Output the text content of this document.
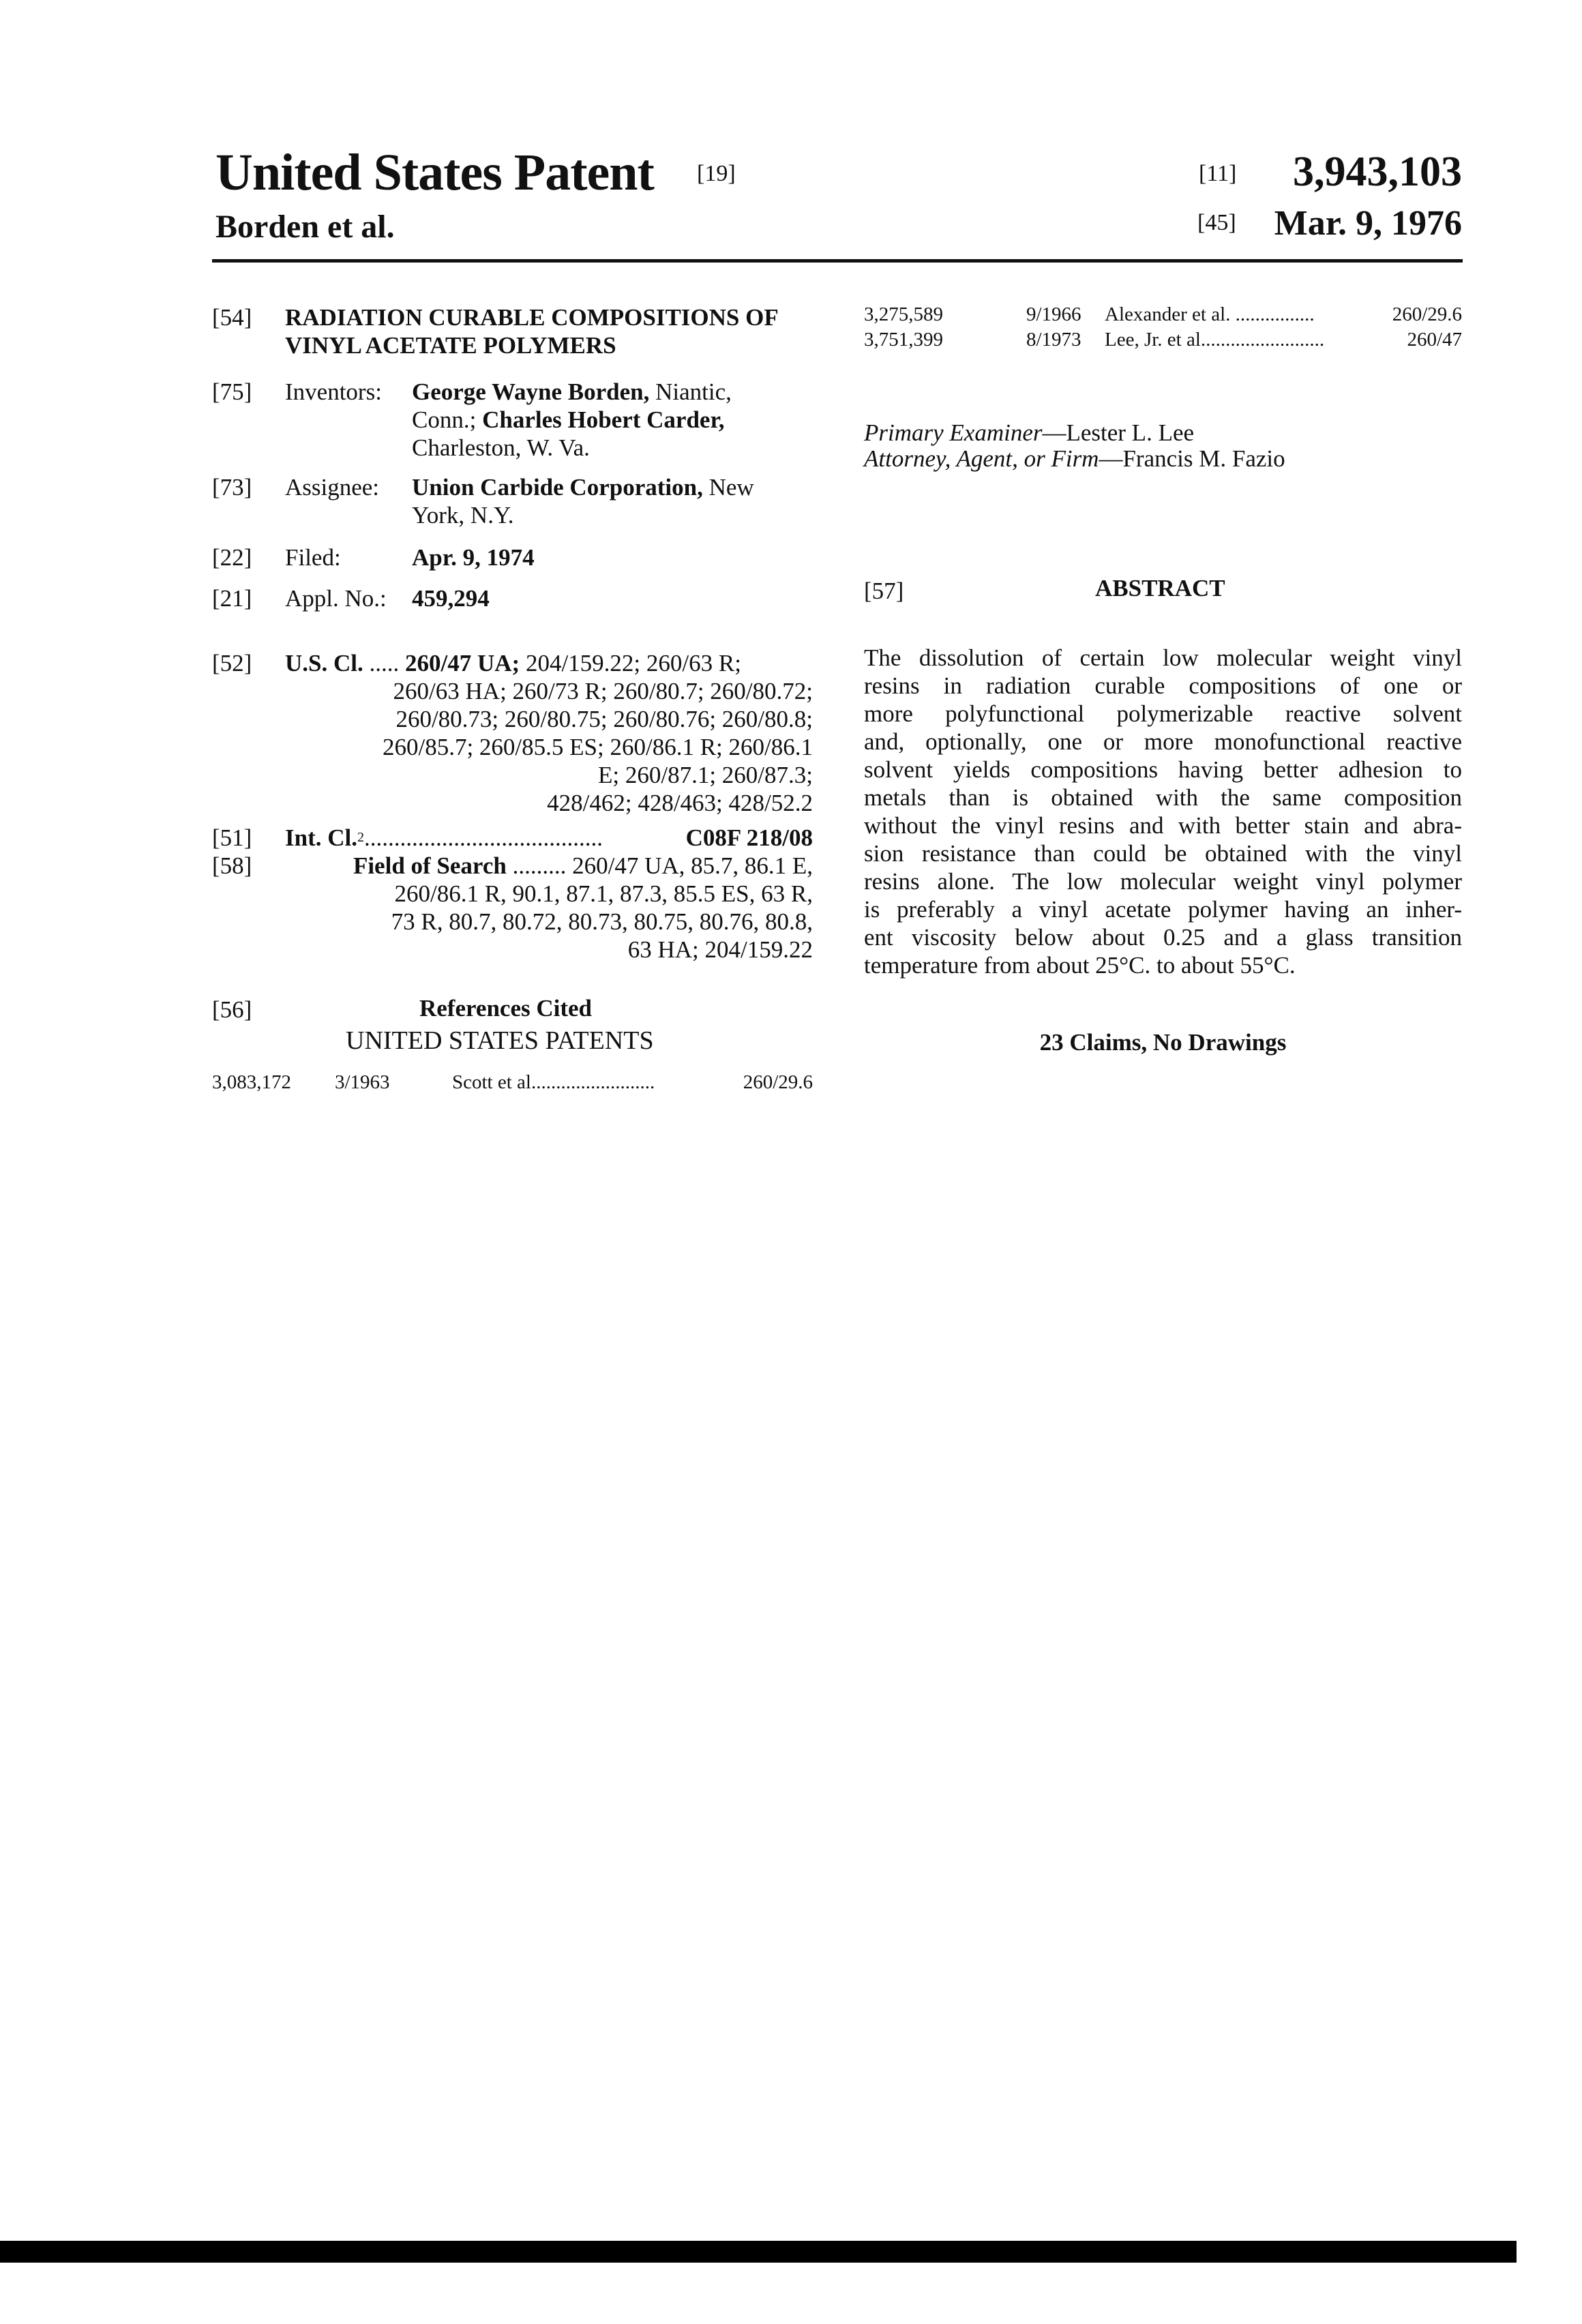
United States Patent [19]
Borden et al.
[11] 3,943,103
[45] Mar. 9, 1976
[54] RADIATION CURABLE COMPOSITIONS OF
VINYL ACETATE POLYMERS
[75] Inventors: George Wayne Borden, Niantic,
Conn.; Charles Hobert Carder,
Charleston, W. Va.
[73] Assignee: Union Carbide Corporation, New
York, N.Y.
[22] Filed:	Apr. 9, 1974
[21] Appl. No.: 459,294
[52] U.S. Cl. ..... 260/47 UA; 204/159.22; 260/63 R;
260/63 HA; 260/73 R; 260/80.7; 260/80.72;
260/80.73; 260/80.75; 260/80.76; 260/80.8;
260/85.7; 260/85.5 ES; 260/86.1 R; 260/86.1
E; 260/87.1; 260/87.3;
428/462; 428/463; 428/52.2
[51] Int. Cl. 2 ........................................	C08F 218/08
[58]	Field of Search ......... 260/47 UA, 85.7, 86.1 E,
260/86.1 R, 90.1, 87.1, 87.3, 85.5 ES, 63 R,
73 R, 80.7, 80.72, 80.73, 80.75, 80.76, 80.8,
63 HA; 204/159.22
[56]	References Cited
UNITED STATES PATENTS
3,083,172 3/1963	Scott et al.........................	260/29.6
3,275,589	9/1966 Alexander et al. ................	260/29.6
3,751,399	8/1973 Lee, Jr. et al.........................	260/47
Primary Examiner—Lester L. Lee
Attorney, Agent, or Firm—Francis M. Fazio
[57]	ABSTRACT
The dissolution of certain low molecular weight vinyl
resins in radiation curable compositions of one or
more polyfunctional polymerizable reactive solvent
and, optionally, one or more monofunctional reactive
solvent yields compositions having better adhesion to
metals than is obtained with the same composition
without the vinyl resins and with better stain and abra-
sion resistance than could be obtained with the vinyl
resins alone. The low molecular weight vinyl polymer
is preferably a vinyl acetate polymer having an inher-
ent viscosity below about 0.25 and a glass transition
temperature from about 25°C. to about 55°C.
23 Claims, No Drawings
